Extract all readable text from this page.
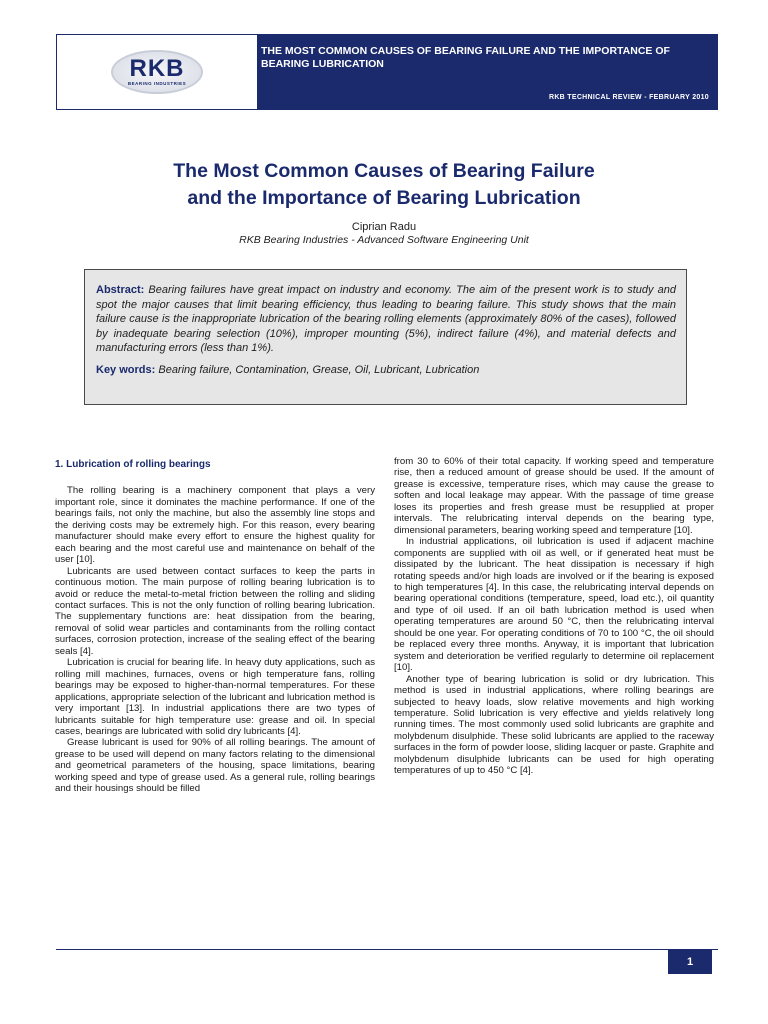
RKB
BEARING INDUSTRIES
THE MOST COMMON CAUSES OF BEARING FAILURE AND THE IMPORTANCE OF BEARING LUBRICATION
RKB TECHNICAL REVIEW - FEBRUARY 2010
The Most Common Causes of Bearing Failure
and the Importance of Bearing Lubrication
Ciprian Radu
RKB Bearing Industries - Advanced Software Engineering Unit
Abstract: Bearing failures have great impact on industry and economy. The aim of the present work is to study and spot the major causes that limit bearing efficiency, thus leading to bearing failure. This study shows that the main failure cause is the inappropriate lubrication of the bearing rolling elements (approximately 80% of the cases), followed by inadequate bearing selection (10%), improper mounting (5%), indirect failure (4%), and material defects and manufacturing errors (less than 1%).
Key words: Bearing failure, Contamination, Grease, Oil, Lubricant, Lubrication
1. Lubrication of rolling bearings

The rolling bearing is a machinery component that plays a very important role, since it dominates the machine performance. If one of the bearings fails, not only the machine, but also the assembly line stops and the deriving costs may be extremely high. For this reason, every bearing manufacturer should make every effort to ensure the highest quality for each bearing and the most careful use and maintenance on behalf of the user [10].

Lubricants are used between contact surfaces to keep the parts in continuous motion. The main purpose of rolling bearing lubrication is to avoid or reduce the metal-to-metal friction between the rolling and sliding contact surfaces. This is not the only function of rolling bearing lubrication. The supplementary functions are: heat dissipation from the bearing, removal of solid wear particles and contaminants from the rolling contact surfaces, corrosion protection, increase of the sealing effect of the bearing seals [4].

Lubrication is crucial for bearing life. In heavy duty applications, such as rolling mill machines, furnaces, ovens or high temperature fans, rolling bearings may be exposed to higher-than-normal temperatures. For these applications, appropriate selection of the lubricant and lubrication method is very important [13]. In industrial applications there are two types of lubricants suitable for high temperature use: grease and oil. In special cases, bearings are lubricated with solid dry lubricants [4].

Grease lubricant is used for 90% of all rolling bearings. The amount of grease to be used will depend on many factors relating to the dimensional and geometrical parameters of the housing, space limitations, bearing working speed and type of grease used. As a general rule, rolling bearings and their housings should be filled

from 30 to 60% of their total capacity. If working speed and temperature rise, then a reduced amount of grease should be used. If the amount of grease is excessive, temperature rises, which may cause the grease to soften and local leakage may appear. With the passage of time grease loses its properties and fresh grease must be resupplied at proper intervals. The relubricating interval depends on the bearing type, dimensional parameters, bearing working speed and temperature [10].

In industrial applications, oil lubrication is used if adjacent machine components are supplied with oil as well, or if generated heat must be dissipated by the lubricant. The heat dissipation is necessary if high rotating speeds and/or high loads are involved or if the bearing is exposed to high temperatures [4]. In this case, the relubricating interval depends on bearing operational conditions (temperature, speed, load etc.), oil quantity and type of oil used. If an oil bath lubrication method is used when operating temperatures are around 50 °C, then the relubricating interval should be one year. For operating conditions of 70 to 100 °C, the oil should be replaced every three months. Anyway, it is important that lubrication system and deterioration be verified regularly to determine oil replacement [10].

Another type of bearing lubrication is solid or dry lubrication. This method is used in industrial applications, where rolling bearings are subjected to heavy loads, slow relative movements and high working temperature. Solid lubrication is very effective and yields relatively long running times. The most commonly used solid lubricants are graphite and molybdenum disulphide. These solid lubricants are applied to the raceway surfaces in the form of powder loose, sliding lacquer or paste. Graphite and molybdenum disulphide lubricants can be used for high operating temperatures of up to 450 °C [4].

1
